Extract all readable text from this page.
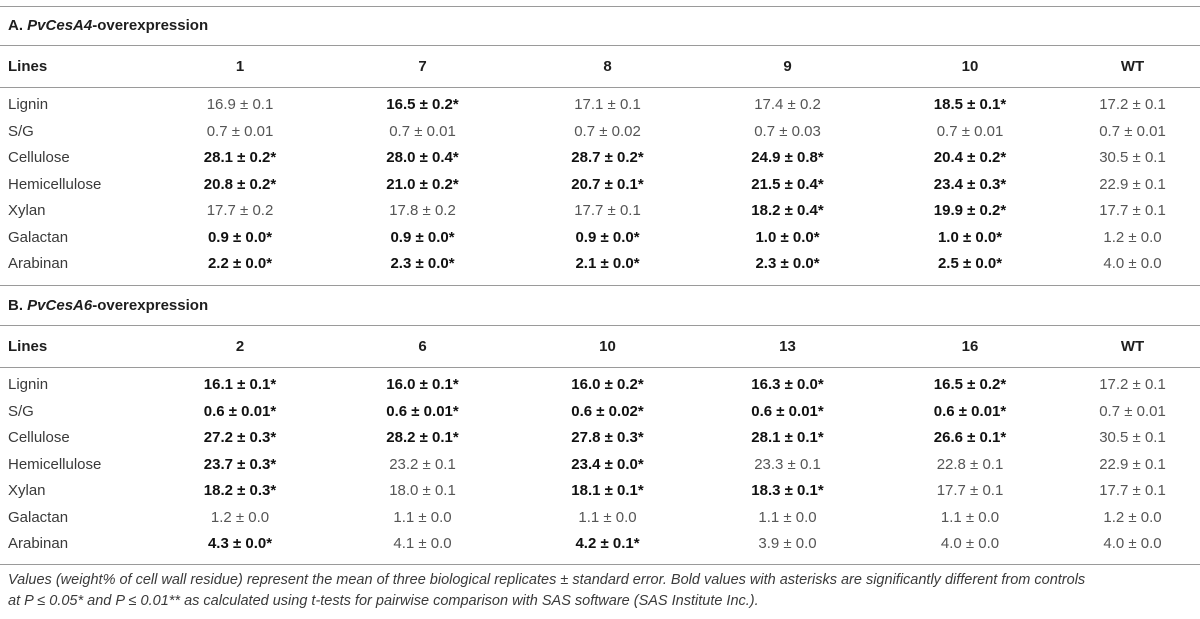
A. PvCesA4-overexpression
Lines	1	7	8	9	10	WT
Lignin	16.9 ± 0.1	16.5 ± 0.2*	17.1 ± 0.1	17.4 ± 0.2	18.5 ± 0.1*	17.2 ± 0.1
S/G	0.7 ± 0.01	0.7 ± 0.01	0.7 ± 0.02	0.7 ± 0.03	0.7 ± 0.01	0.7 ± 0.01
Cellulose	28.1 ± 0.2*	28.0 ± 0.4*	28.7 ± 0.2*	24.9 ± 0.8*	20.4 ± 0.2*	30.5 ± 0.1
Hemicellulose	20.8 ± 0.2*	21.0 ± 0.2*	20.7 ± 0.1*	21.5 ± 0.4*	23.4 ± 0.3*	22.9 ± 0.1
Xylan	17.7 ± 0.2	17.8 ± 0.2	17.7 ± 0.1	18.2 ± 0.4*	19.9 ± 0.2*	17.7 ± 0.1
Galactan	0.9 ± 0.0*	0.9 ± 0.0*	0.9 ± 0.0*	1.0 ± 0.0*	1.0 ± 0.0*	1.2 ± 0.0
Arabinan	2.2 ± 0.0*	2.3 ± 0.0*	2.1 ± 0.0*	2.3 ± 0.0*	2.5 ± 0.0*	4.0 ± 0.0
B. PvCesA6-overexpression
Lines	2	6	10	13	16	WT
Lignin	16.1 ± 0.1*	16.0 ± 0.1*	16.0 ± 0.2*	16.3 ± 0.0*	16.5 ± 0.2*	17.2 ± 0.1
S/G	0.6 ± 0.01*	0.6 ± 0.01*	0.6 ± 0.02*	0.6 ± 0.01*	0.6 ± 0.01*	0.7 ± 0.01
Cellulose	27.2 ± 0.3*	28.2 ± 0.1*	27.8 ± 0.3*	28.1 ± 0.1*	26.6 ± 0.1*	30.5 ± 0.1
Hemicellulose	23.7 ± 0.3*	23.2 ± 0.1	23.4 ± 0.0*	23.3 ± 0.1	22.8 ± 0.1	22.9 ± 0.1
Xylan	18.2 ± 0.3*	18.0 ± 0.1	18.1 ± 0.1*	18.3 ± 0.1*	17.7 ± 0.1	17.7 ± 0.1
Galactan	1.2 ± 0.0	1.1 ± 0.0	1.1 ± 0.0	1.1 ± 0.0	1.1 ± 0.0	1.2 ± 0.0
Arabinan	4.3 ± 0.0*	4.1 ± 0.0	4.2 ± 0.1*	3.9 ± 0.0	4.0 ± 0.0	4.0 ± 0.0
Values (weight% of cell wall residue) represent the mean of three biological replicates ± standard error. Bold values with asterisks are significantly different from controls
at P ≤ 0.05* and P ≤ 0.01** as calculated using t-tests for pairwise comparison with SAS software (SAS Institute Inc.).
